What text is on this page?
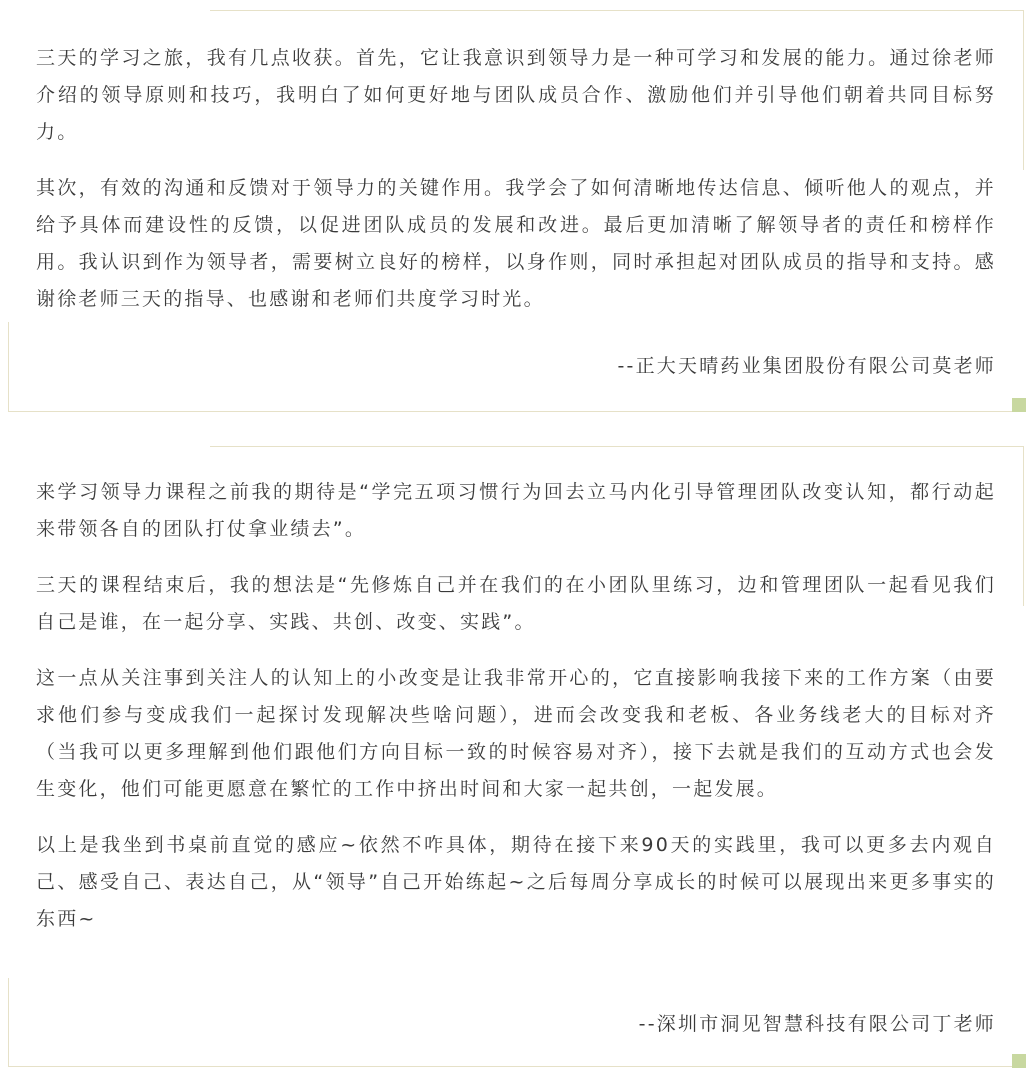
三天的学习之旅，我有几点收获。首先，它让我意识到领导力是一种可学习和发展的能力。通过徐老师介绍的领导原则和技巧，我明白了如何更好地与团队成员合作、激励他们并引导他们朝着共同目标努力。

其次，有效的沟通和反馈对于领导力的关键作用。我学会了如何清晰地传达信息、倾听他人的观点，并给予具体而建设性的反馈，以促进团队成员的发展和改进。最后更加清晰了解领导者的责任和榜样作用。我认识到作为领导者，需要树立良好的榜样，以身作则，同时承担起对团队成员的指导和支持。感谢徐老师三天的指导、也感谢和老师们共度学习时光。

--正大天晴药业集团股份有限公司莫老师

来学习领导力课程之前我的期待是“学完五项习惯行为回去立马内化引导管理团队改变认知，都行动起来带领各自的团队打仗拿业绩去”。

三天的课程结束后，我的想法是“先修炼自己并在我们的在小团队里练习，边和管理团队一起看见我们自己是谁，在一起分享、实践、共创、改变、实践”。

这一点从关注事到关注人的认知上的小改变是让我非常开心的，它直接影响我接下来的工作方案（由要求他们参与变成我们一起探讨发现解决些啥问题），进而会改变我和老板、各业务线老大的目标对齐（当我可以更多理解到他们跟他们方向目标一致的时候容易对齐），接下去就是我们的互动方式也会发生变化，他们可能更愿意在繁忙的工作中挤出时间和大家一起共创，一起发展。

以上是我坐到书桌前直觉的感应~依然不咋具体，期待在接下来90天的实践里，我可以更多去内观自己、感受自己、表达自己，从“领导”自己开始练起~之后每周分享成长的时候可以展现出来更多事实的东西~

--深圳市洞见智慧科技有限公司丁老师
